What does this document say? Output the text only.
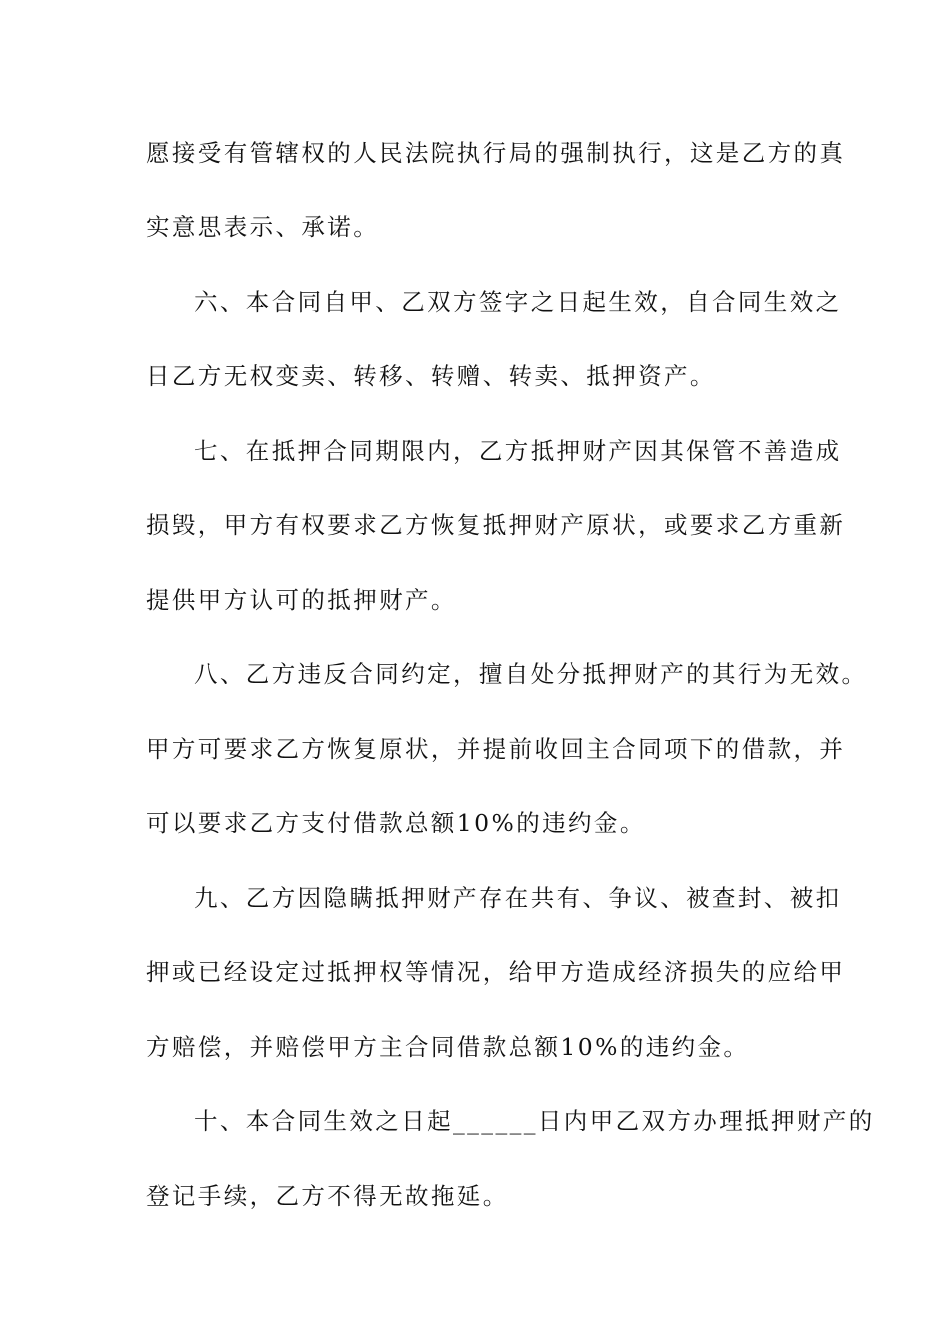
愿接受有管辖权的人民法院执行局的强制执行，这是乙方的真

实意思表示、承诺。

六、本合同自甲、乙双方签字之日起生效，自合同生效之

日乙方无权变卖、转移、转赠、转卖、抵押资产。

七、在抵押合同期限内，乙方抵押财产因其保管不善造成

损毁，甲方有权要求乙方恢复抵押财产原状，或要求乙方重新

提供甲方认可的抵押财产。

八、乙方违反合同约定，擅自处分抵押财产的其行为无效。

甲方可要求乙方恢复原状，并提前收回主合同项下的借款，并

可以要求乙方支付借款总额10%的违约金。

九、乙方因隐瞒抵押财产存在共有、争议、被查封、被扣

押或已经设定过抵押权等情况，给甲方造成经济损失的应给甲

方赔偿，并赔偿甲方主合同借款总额10%的违约金。

十、本合同生效之日起______日内甲乙双方办理抵押财产的

登记手续，乙方不得无故拖延。
